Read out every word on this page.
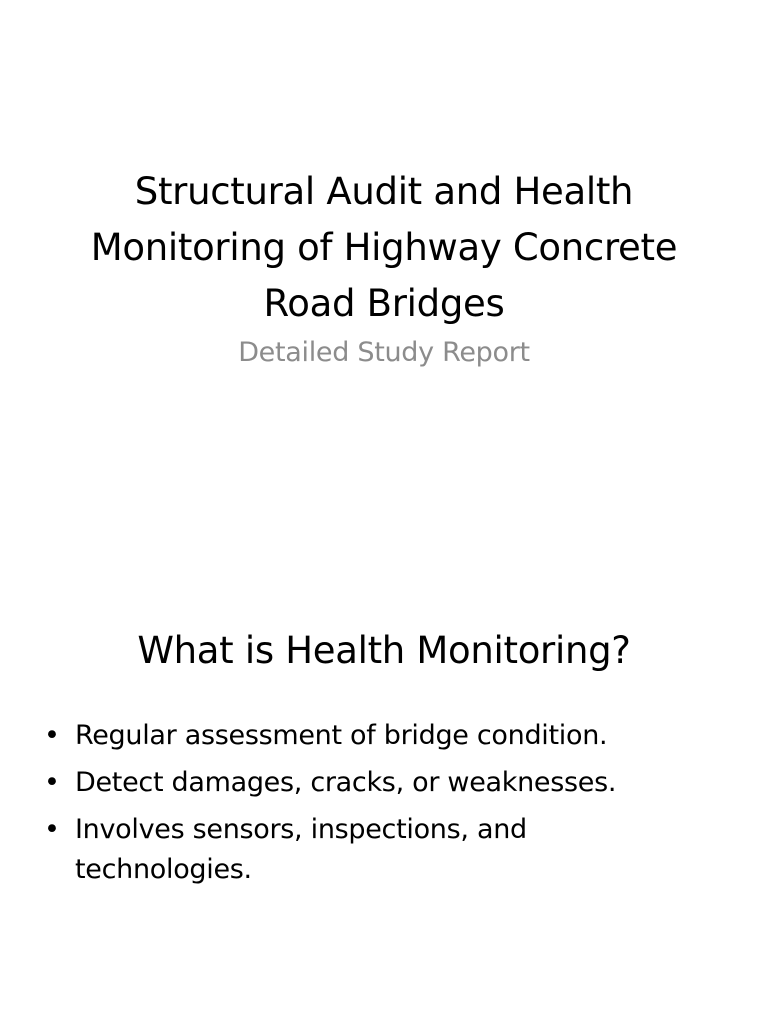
Structural Audit and Health Monitoring of Highway Concrete Road Bridges

Detailed Study Report

What is Health Monitoring?
• Regular assessment of bridge condition.
• Detect damages, cracks, or weaknesses.
• Involves sensors, inspections, and technologies.
